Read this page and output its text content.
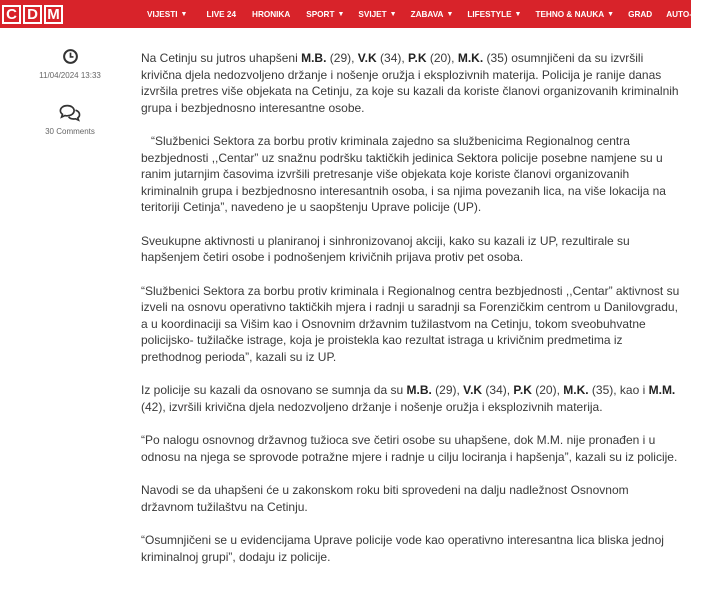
C D M	VIJESTI ▼ LIVE 24 HRONIKA SPORT ▼ SVIJET ▼ ZABAVA ▼ LIFESTYLE ▼ TEHNO & NAUKA ▼ GRAD AUTO-MOTO ▼
11/04/2024 13:33
30 Comments

Na Cetinju su jutros uhapšeni M.B. (29), V.K (34), P.K (20), M.K. (35) osumnjičeni da su izvršili krivična djela nedozvoljeno držanje i nošenje oružja i eksplozivnih materija. Policija je ranije danas izvršila pretres više objekata na Cetinju, za koje su kazali da koriste članovi organizovanih kriminalnih grupa i bezbjednosno interesantne osobe.

“Službenici Sektora za borbu protiv kriminala zajedno sa službenicima Regionalnog centra bezbjednosti ,,Centar” uz snažnu podršku taktičkih jedinica Sektora policije posebne namjene su u ranim jutarnjim časovima izvršili pretresanje više objekata koje koriste članovi organizovanih kriminalnih grupa i bezbjednosno interesantnih osoba, i sa njima povezanih lica, na više lokacija na teritoriji Cetinja”, navedeno je u saopštenju Uprave policije (UP).

Sveukupne aktivnosti u planiranoj i sinhronizovanoj akciji, kako su kazali iz UP, rezultirale su hapšenjem četiri osobe i podnošenjem krivičnih prijava protiv pet osoba.

“Službenici Sektora za borbu protiv kriminala i Regionalnog centra bezbjednosti ,,Centar” aktivnost su izveli na osnovu operativno taktičkih mjera i radnji u saradnji sa Forenzičkim centrom u Danilovgradu, a u koordinaciji sa Višim kao i Osnovnim državnim tužilastvom na Cetinju, tokom sveobuhvatne policijsko- tužilačke istrage, koja je proistekla kao rezultat istraga u krivičnim predmetima iz prethodnog perioda”, kazali su iz UP.

Iz policije su kazali da osnovano se sumnja da su M.B. (29), V.K (34), P.K (20), M.K. (35), kao i M.M. (42), izvršili krivična djela nedozvoljeno držanje i nošenje oružja i eksplozivnih materija.

“Po nalogu osnovnog državnog tužioca sve četiri osobe su uhapšene, dok M.M. nije pronađen i u odnosu na njega se sprovode potražne mjere i radnje u cilju lociranja i hapšenja”, kazali su iz policije.

Navodi se da uhapšeni će u zakonskom roku biti sprovedeni na dalju nadležnost Osnovnom državnom tužilaštvu na Cetinju.

“Osumnjičeni se u evidencijama Uprave policije vode kao operativno interesantna lica bliska jednoj kriminalnoj grupi”, dodaju iz policije.
